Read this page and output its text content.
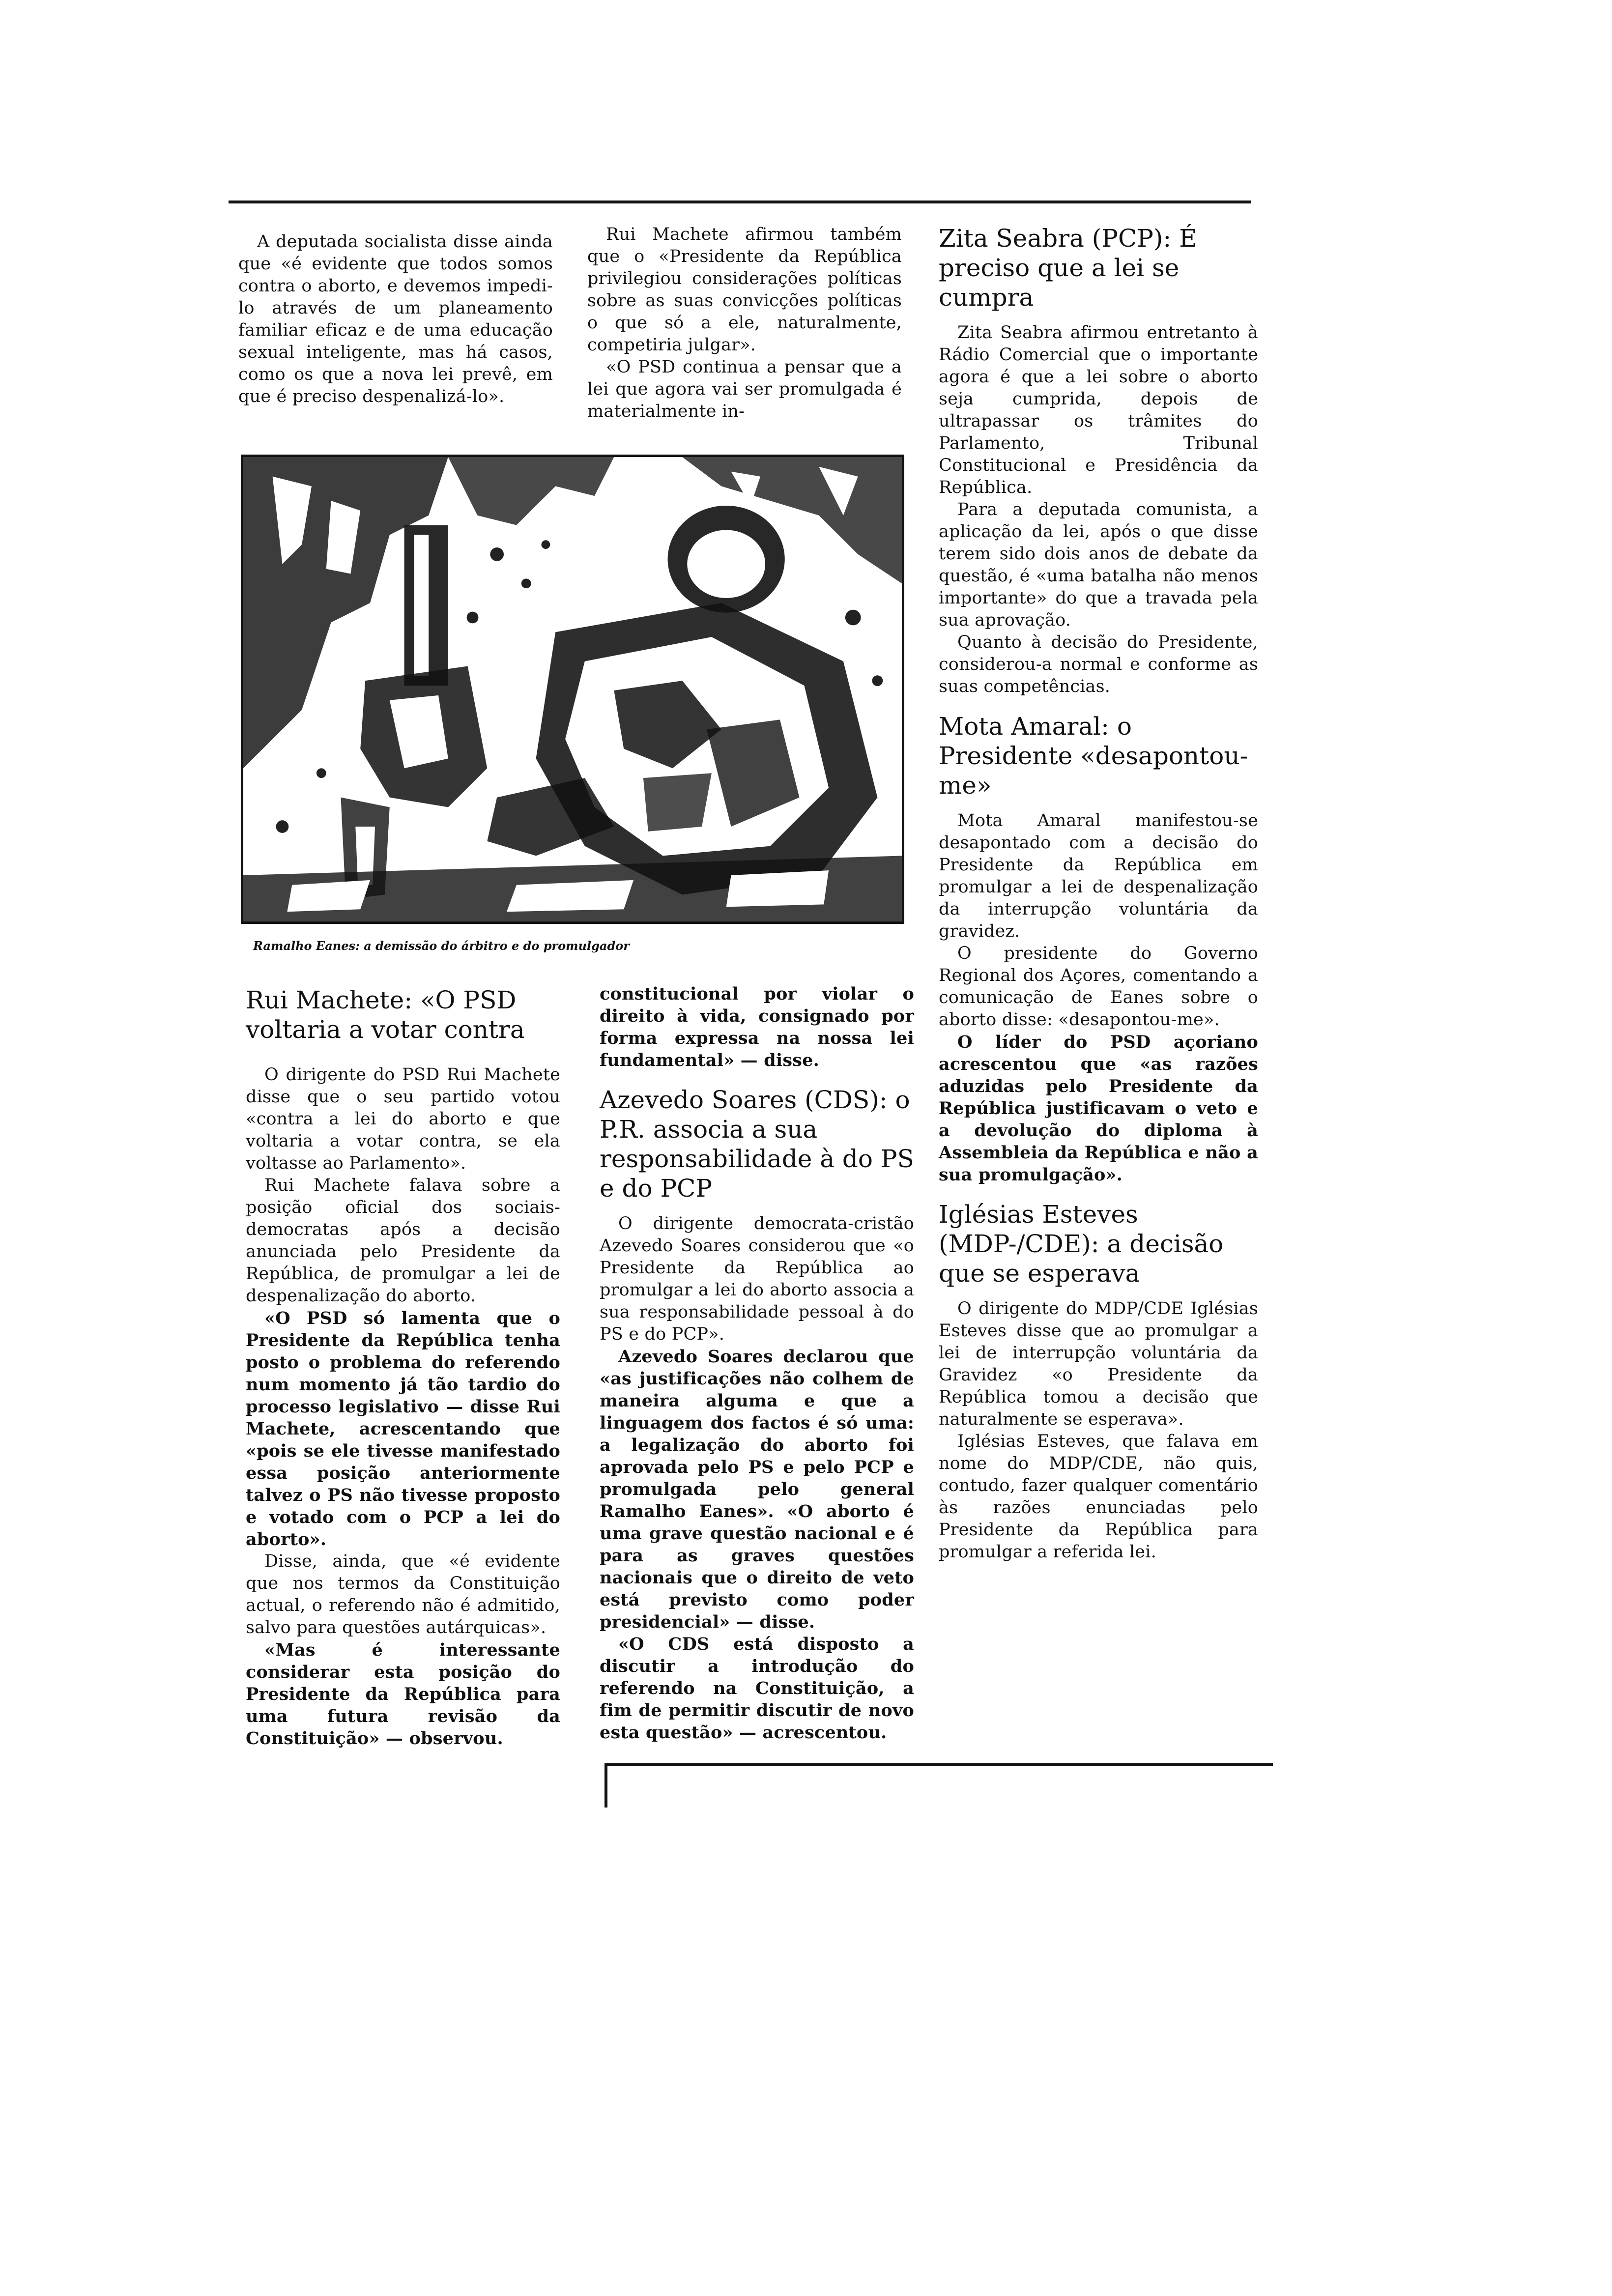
A deputada socialista disse ainda que «é evidente que todos somos contra o aborto, e devemos impedi-lo através de um planeamento familiar eficaz e de uma educação sexual inteligente, mas há casos, como os que a nova lei prevê, em que é preciso despenalizá-lo».

Rui Machete afirmou também que o «Presidente da República privilegiou considerações políticas sobre as suas convicções políticas o que só a ele, naturalmente, competiria julgar».

«O PSD continua a pensar que a lei que agora vai ser promulgada é materialmente in-

Ramalho Eanes: a demissão do árbitro e do promulgador
Zita Seabra (PCP): É preciso que a lei se cumpra

Zita Seabra afirmou entretanto à Rádio Comercial que o importante agora é que a lei sobre o aborto seja cumprida, depois de ultrapassar os trâmites do Parlamento, Tribunal Constitucional e Presidência da República.

Para a deputada comunista, a aplicação da lei, após o que disse terem sido dois anos de debate da questão, é «uma batalha não menos importante» do que a travada pela sua aprovação.

Quanto à decisão do Presidente, considerou-a normal e conforme as suas competências.

Mota Amaral: o Presidente «desapontou-me»

Mota Amaral manifestou-se desapontado com a decisão do Presidente da República em promulgar a lei de despenalização da interrupção voluntária da gravidez.

O presidente do Governo Regional dos Açores, comentando a comunicação de Eanes sobre o aborto disse: «desapontou-me».

O líder do PSD açoriano acrescentou que «as razões aduzidas pelo Presidente da República justificavam o veto e a devolução do diploma à Assembleia da República e não a sua promulgação».

Iglésias Esteves (MDP-/CDE): a decisão que se esperava

O dirigente do MDP/CDE Iglésias Esteves disse que ao promulgar a lei de interrupção voluntária da Gravidez «o Presidente da República tomou a decisão que naturalmente se esperava».

Iglésias Esteves, que falava em nome do MDP/CDE, não quis, contudo, fazer qualquer comentário às razões enunciadas pelo Presidente da República para promulgar a referida lei.

Rui Machete: «O PSD voltaria a votar contra

O dirigente do PSD Rui Machete disse que o seu partido votou «contra a lei do aborto e que voltaria a votar contra, se ela voltasse ao Parlamento».

Rui Machete falava sobre a posição oficial dos sociais-democratas após a decisão anunciada pelo Presidente da República, de promulgar a lei de despenalização do aborto.

«O PSD só lamenta que o Presidente da República tenha posto o problema do referendo num momento já tão tardio do processo legislativo — disse Rui Machete, acrescentando que «pois se ele tivesse manifestado essa posição anteriormente talvez o PS não tivesse proposto e votado com o PCP a lei do aborto».

Disse, ainda, que «é evidente que nos termos da Constituição actual, o referendo não é admitido, salvo para questões autárquicas».

«Mas é interessante considerar esta posição do Presidente da República para uma futura revisão da Constituição» — observou.

constitucional por violar o direito à vida, consignado por forma expressa na nossa lei fundamental» — disse.

Azevedo Soares (CDS): o P.R. associa a sua responsabilidade à do PS e do PCP

O dirigente democrata-cristão Azevedo Soares considerou que «o Presidente da República ao promulgar a lei do aborto associa a sua responsabilidade pessoal à do PS e do PCP».

Azevedo Soares declarou que «as justificações não colhem de maneira alguma e que a linguagem dos factos é só uma: a legalização do aborto foi aprovada pelo PS e pelo PCP e promulgada pelo general Ramalho Eanes». «O aborto é uma grave questão nacional e é para as graves questões nacionais que o direito de veto está previsto como poder presidencial» — disse.

«O CDS está disposto a discutir a introdução do referendo na Constituição, a fim de permitir discutir de novo esta questão» — acrescentou.
